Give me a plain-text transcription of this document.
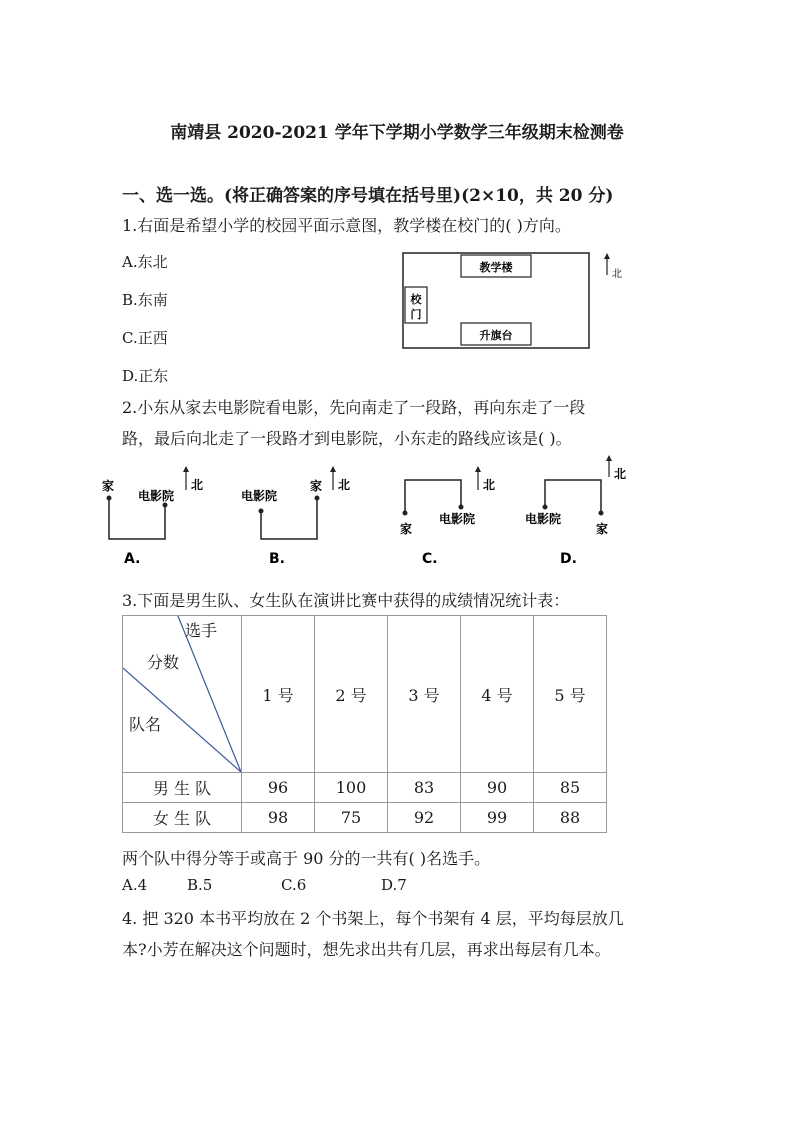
南靖县 2020-2021 学年下学期小学数学三年级期末检测卷
一、选一选。(将正确答案的序号填在括号里)(2×10，共 20 分)
1.右面是希望小学的校园平面示意图，教学楼在校门的( )方向。
A.东北
B.东南
C.正西
D.正东
教学楼
校
门
升旗台
北
2.小东从家去电影院看电影，先向南走了一段路，再向东走了一段
路，最后向北走了一段路才到电影院，小东走的路线应该是( )。
家
电影院
北
A.
电影院
家 北
B.
家
电影院
北
C.
电影院
家
北
D.
3.下面是男生队、女生队在演讲比赛中获得的成绩情况统计表：
选手
分数
队名	1 号	2 号	3 号	4 号	5 号
男 生 队	96	100	83	90	85
女 生 队	98	75	92	99	88
两个队中得分等于或高于 90 分的一共有( )名选手。
A.4	B.5	C.6	D.7
4. 把 320 本书平均放在 2 个书架上，每个书架有 4 层，平均每层放几
本?小芳在解决这个问题时，想先求出共有几层，再求出每层有几本。
